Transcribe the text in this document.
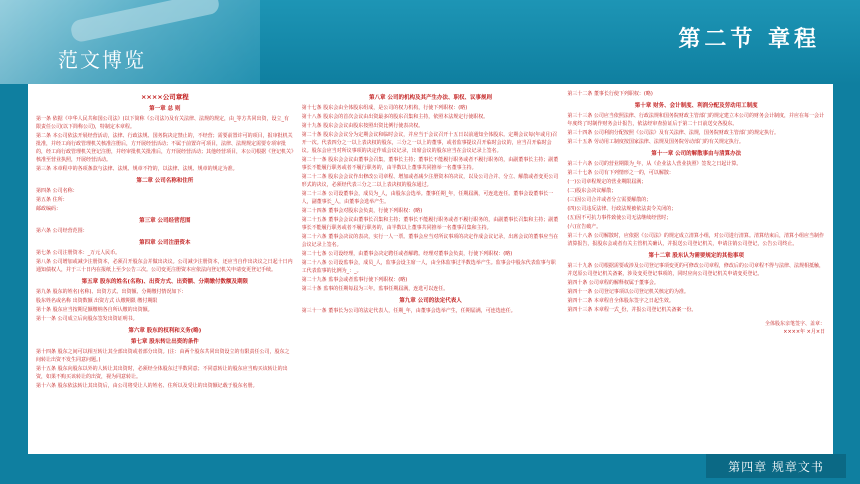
范文博览
第二节 章程
××××公司章程
第一章 总 则
第一条 依据《中华人民共和国公司法》(以下简称《公司法》)及有关法律、法规的规定，由_等方共同出资，设立_有限责任公司(以下简称公司)，特制定本章程。
第二条 本公司依法开展经营活动，法律、行政法规、国务院决定禁止的，不经营；需要前置许可的项目，报审批机关批准，并经工商行政管理机关核准注册后，方开展经营活动；不属于前置许可项目，法律、法规规定需要专项审批的，经工商行政管理机关登记注册，并经审批机关批准后，方开展经营活动；其他经营项目，本公司根据《登记机关》核准至营业执照，开展经营活动。
第三条 本章程中的各项条款与法律、法规、规章不符的，以法律、法规、规章的规定为准。
第二章 公司名称和住所
第四条 公司名称：
第五条 住所：
邮政编码：
第三章 公司经营范围
第六条 公司经营范围：
第四章 公司注册资本
第七条 公司注册资本：_万元人民币。
第八条 公司增加或减少注册资本，必须召开股东会并做出决议。公司减少注册资本，还应当自作出决议之日起十日内通知债权人，并于三十日内在报纸上至少公告三次。公司变更注册资本应依法向登记机关申请变更登记手续。
第五章 股东的姓名(名称)、出资方式、出资额、分期缴付数额及期限
第九条 股东的姓名(名称)、出资方式、出资额、分期缴付情况如下：
股东姓名或名称 出资数额 出资方式 认缴期限 缴付期限
第十条 股东应当按期足额缴纳各自所认缴的出资额。
第十一条 公司成立后向股东签发出资证明书。
第六章 股东的权利和义务(略)
第七章 股东转让出资的条件
第十四条 股东之间可以相互转让其全部出资或者部分出资。(注：由两个股东共同出资设立的有限责任公司，股东之间转让出资不发生同意问题。)
第十五条 股东向股东以外的人转让其出资时，必须经全体股东过半数同意；不同意转让的股东应当购买该转让的出资，如果不购买该转让的出资，视为同意转让。
第十六条 股东依法转让其出资后，由公司将受让人的姓名、住所以及受让的出资额记载于股东名册。
第八章 公司的机构及其产生办法、职权、议事规则
第十七条 股东会由全体股东组成，是公司的权力机构，行使下列职权：(略)
第十八条 股东会的首次会议由出资最多的股东召集和主持，依照本法规定行使职权。
第十九条 股东会会议由股东按照出资比例行使表决权。
第二十条 股东会会议分为定期会议和临时会议，并应当于会议召开十五日以前通知全体股东。定期会议每(年或月)召开一次。代表四分之一以上表决权的股东，三分之一以上的董事，或者监事提议召开临时会议的，应当召开临时会议。股东会应当对所议事项的决定作成会议记录，出席会议的股东应当在会议记录上签名。
第二十一条 股东会会议由董事会召集，董事长主持；董事长不能履行职务或者不履行职务的，由副董事长主持；副董事长不能履行职务或者不履行职务的，由半数以上董事共同推举一名董事主持。
第二十二条 股东会会议作出修改公司章程、增加或者减少注册资本的决议，以及公司合并、分立、解散或者变更公司形式的决议，必须经代表三分之二以上表决权的股东通过。
第二十三条 公司设董事会，成员为_人，由股东会选举。董事任期_年，任期届满，可连选连任。董事会设董事长一人，副董事长_人，由董事会选举产生。
第二十四条 董事会对股东会负责，行使下列职权：(略)
第二十五条 董事会会议由董事长召集和主持；董事长不能履行职务或者不履行职务的，由副董事长召集和主持；副董事长不能履行职务或者不履行职务的，由半数以上董事共同推举一名董事召集和主持。
第二十六条 董事会决议的表决，实行一人一票。董事会应当对所议事项的决定作成会议记录，出席会议的董事应当在会议记录上签名。
第二十七条 公司设经理，由董事会决定聘任或者解聘。经理对董事会负责，行使下列职权：(略)
第二十八条 公司设监事会，成员_人，监事会设主席一人，由全体监事过半数选举产生。监事会中股东代表监事与职工代表监事的比例为_：_。
第二十九条 监事会或者监事行使下列职权：(略)
第三十条 监事的任期每届为三年。监事任期届满，连选可以连任。
第九章 公司的法定代表人
第三十一条 董事长为公司的法定代表人，任期_年，由董事会选举产生，任期届满，可连选连任。
第三十二条 董事长行使下列职权：(略)
第十章 财务、会计制度、利润分配及劳动用工制度
第三十三条 公司应当依照法律、行政法规和国务院财政主管部门的规定建立本公司的财务会计制度，并应在每一会计年度终了时制作财务会计报告，依法经审查验证后于第二十日前送交各股东。
第三十四条 公司利润分配按照《公司法》及有关法律、法规，国务院财政主管部门的规定执行。
第三十五条 劳动用工制度按国家法律、法规及国务院劳动部门的有关规定执行。
第十一章 公司的解散事由与清算办法
第三十六条 公司的营业期限为_年，从《企业法人营业执照》签发之日起计算。
第三十七条 公司有下列情形之一的，可以解散：
(一)公司章程规定的营业期限届满；
(二)股东会决议解散；
(三)因公司合并或者分立需要解散的；
(四)公司违反法律、行政法规被依法责令关闭的；
(五)因不可抗力事件致使公司无法继续经营时；
(六)宣告破产。
第三十八条 公司解散时，应依据《公司法》的规定成立清算小组，对公司进行清算。清算结束后，清算小组应当制作清算报告，报股东会或者有关主管机关确认，并报送公司登记机关，申请注销公司登记，公告公司终止。
第十二章 股东认为需要规定的其他事项
第三十九条 公司根据需要或涉及公司登记事项变更的可修改公司章程，修改后的公司章程不得与法律、法规相抵触，并送原公司登记机关备案，涉及变更登记事项的，同时应向公司登记机关申请变更登记。
第四十条 公司章程的解释权属于董事会。
第四十一条 公司登记事项以公司登记机关核定的为准。
第四十二条 本章程自全体股东签字之日起生效。
第四十三条 本章程一式_份，并报公司登记机关备案一份。
全体股东亲笔签字、盖章：
××××年 ×月×日
第四章 规章文书
